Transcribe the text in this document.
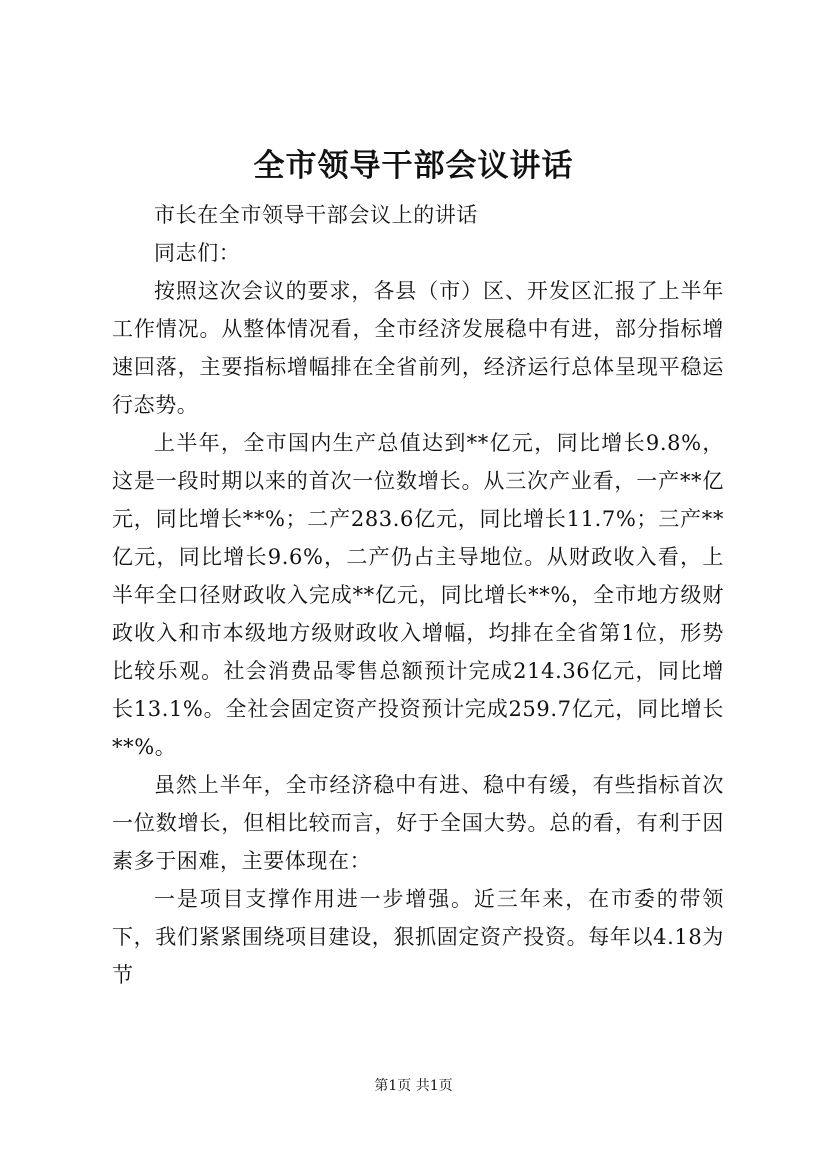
全市领导干部会议讲话

市长在全市领导干部会议上的讲话

同志们：

按照这次会议的要求，各县（市）区、开发区汇报了上半年工作情况。从整体情况看，全市经济发展稳中有进，部分指标增速回落，主要指标增幅排在全省前列，经济运行总体呈现平稳运行态势。

上半年，全市国内生产总值达到**亿元，同比增长9.8%，这是一段时期以来的首次一位数增长。从三次产业看，一产**亿元，同比增长**%；二产283.6亿元，同比增长11.7%；三产**亿元，同比增长9.6%，二产仍占主导地位。从财政收入看，上半年全口径财政收入完成**亿元，同比增长**%，全市地方级财政收入和市本级地方级财政收入增幅，均排在全省第1位，形势比较乐观。社会消费品零售总额预计完成214.36亿元，同比增长13.1%。全社会固定资产投资预计完成259.7亿元，同比增长**%。

虽然上半年，全市经济稳中有进、稳中有缓，有些指标首次一位数增长，但相比较而言，好于全国大势。总的看，有利于因素多于困难，主要体现在：

一是项目支撑作用进一步增强。近三年来，在市委的带领下，我们紧紧围绕项目建设，狠抓固定资产投资。每年以4.18为节

第1页 共1页
